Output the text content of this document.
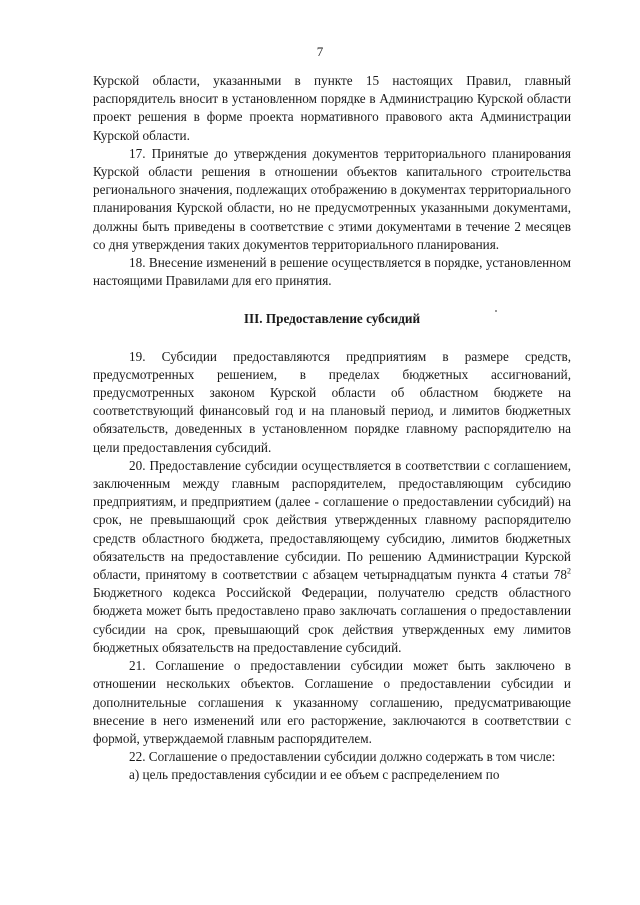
7

Курской области, указанными в пункте 15 настоящих Правил, главный распорядитель вносит в установленном порядке в Администрацию Курской области проект решения в форме проекта нормативного правового акта Администрации Курской области.

17. Принятые до утверждения документов территориального планирования Курской области решения в отношении объектов капитального строительства регионального значения, подлежащих отображению в документах территориального планирования Курской области, но не предусмотренных указанными документами, должны быть приведены в соответствие с этими документами в течение 2 месяцев со дня утверждения таких документов территориального планирования.

18. Внесение изменений в решение осуществляется в порядке, установленном настоящими Правилами для его принятия.

III. Предоставление субсидий

19. Субсидии предоставляются предприятиям в размере средств, предусмотренных решением, в пределах бюджетных ассигнований, предусмотренных законом Курской области об областном бюджете на соответствующий финансовый год и на плановый период, и лимитов бюджетных обязательств, доведенных в установленном порядке главному распорядителю на цели предоставления субсидий.

20. Предоставление субсидии осуществляется в соответствии с соглашением, заключенным между главным распорядителем, предоставляющим субсидию предприятиям, и предприятием (далее - соглашение о предоставлении субсидий) на срок, не превышающий срок действия утвержденных главному распорядителю средств областного бюджета, предоставляющему субсидию, лимитов бюджетных обязательств на предоставление субсидии. По решению Администрации Курской области, принятому в соответствии с абзацем четырнадцатым пункта 4 статьи $78^2$ Бюджетного кодекса Российской Федерации, получателю средств областного бюджета может быть предоставлено право заключать соглашения о предоставлении субсидии на срок, превышающий срок действия утвержденных ему лимитов бюджетных обязательств на предоставление субсидий.

21. Соглашение о предоставлении субсидии может быть заключено в отношении нескольких объектов. Соглашение о предоставлении субсидии и дополнительные соглашения к указанному соглашению, предусматривающие внесение в него изменений или его расторжение, заключаются в соответствии с формой, утверждаемой главным распорядителем.

22. Соглашение о предоставлении субсидии должно содержать в том числе:

а) цель предоставления субсидии и ее объем с распределением по
